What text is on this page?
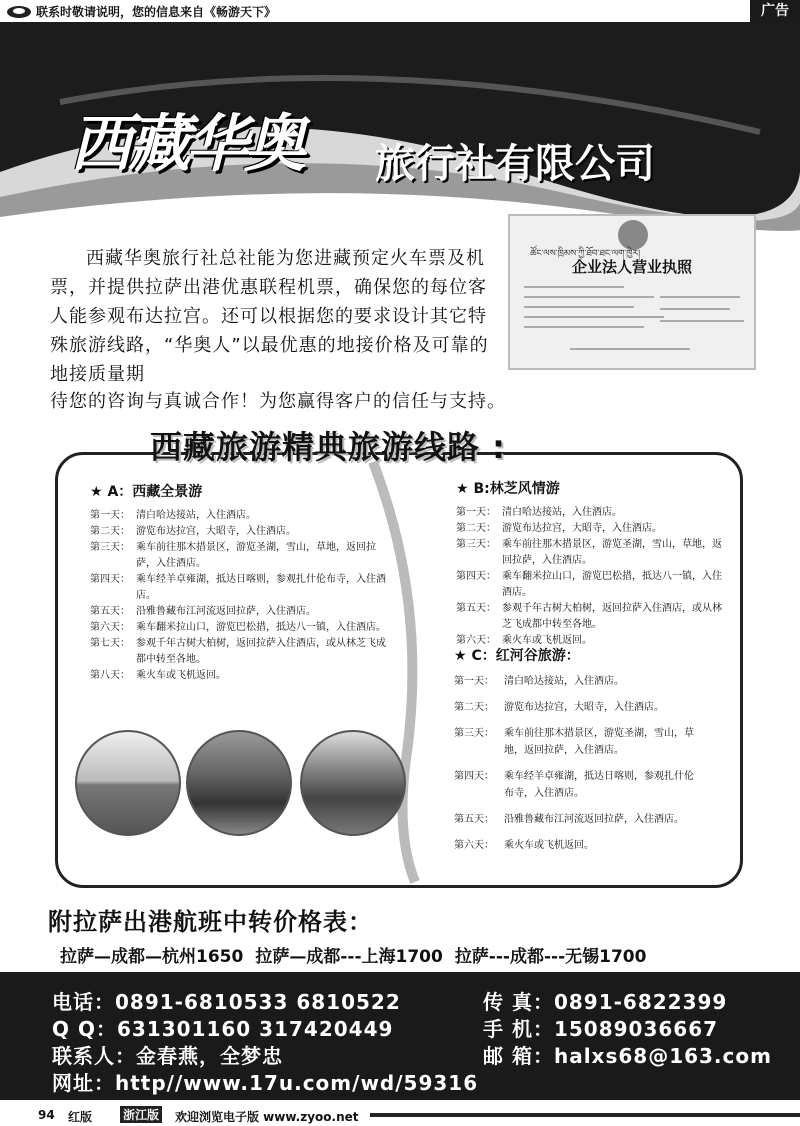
联系时敬请说明，您的信息来自《畅游天下》	广告
西藏华奥 旅行社有限公司

西藏华奥旅行社总社能为您进藏预定火车票及机票，并提供拉萨出港优惠联程机票，确保您的每位客人能参观布达拉宫。还可以根据您的要求设计其它特殊旅游线路，“华奥人”以最优惠的地接价格及可靠的地接质量期

待您的咨询与真诚合作！为您赢得客户的信任与支持。
ཚོང་ལས་ཁྲིམས་ཀྱི་ཐོབ་ཐང་ལག་ཁྱེར།
企业法人营业执照
西藏旅游精典旅游线路 :
★ A：西藏全景游
第一天： 清白哈达接站，入住酒店。
第二天： 游览布达拉宫，大昭寺，入住酒店。
第三天： 乘车前往那木措景区，游览圣湖，雪山，草地，返回拉萨，入住酒店。
第四天： 乘车经羊卓雍湖，抵达日喀则，参观扎什伦布寺，入住酒店。
第五天： 沿雅鲁藏布江河流返回拉萨，入住酒店。
第六天： 乘车翻米拉山口，游览巴松措，抵达八一镇，入住酒店。
第七天： 参观千年古树大柏树，返回拉萨入住酒店，或从林芝飞成都中转至各地。
第八天： 乘火车或飞机返回。
★ B:林芝风情游
第一天： 清白哈达接站，入住酒店。
第二天： 游览布达拉宫，大昭寺，入住酒店。
第三天： 乘车前往那木措景区，游览圣湖，雪山，草地，返回拉萨，入住酒店。
第四天： 乘车翻米拉山口，游览巴松措，抵达八一镇，入住酒店。
第五天： 参观千年古树大柏树，返回拉萨入住酒店，或从林芝飞成都中转至各地。
第六天： 乘火车或飞机返回。
★ C：红河谷旅游：
第一天：	清白哈达接站，入住酒店。
第二天：	游览布达拉宫，大昭寺，入住酒店。
第三天：	乘车前往那木措景区，游览圣湖，雪山，草地，返回拉萨，入住酒店。
第四天：	乘车经羊卓雍湖，抵达日喀则，参观扎什伦布寺，入住酒店。
第五天：	沿雅鲁藏布江河流返回拉萨，入住酒店。
第六天：	乘火车或飞机返回。
附拉萨出港航班中转价格表：
拉萨—成都—杭州1650 拉萨—成都---上海1700 拉萨---成都---无锡1700
电话：0891-6810533 6810522	传 真：0891-6822399
Q Q：631301160 317420449	手 机：15089036667
联系人：金春燕，全梦忠	邮 箱：halxs68@163.com
网址：http//www.17u.com/wd/59316
94 红版	浙江版 欢迎浏览电子版 www.zyoo.net
